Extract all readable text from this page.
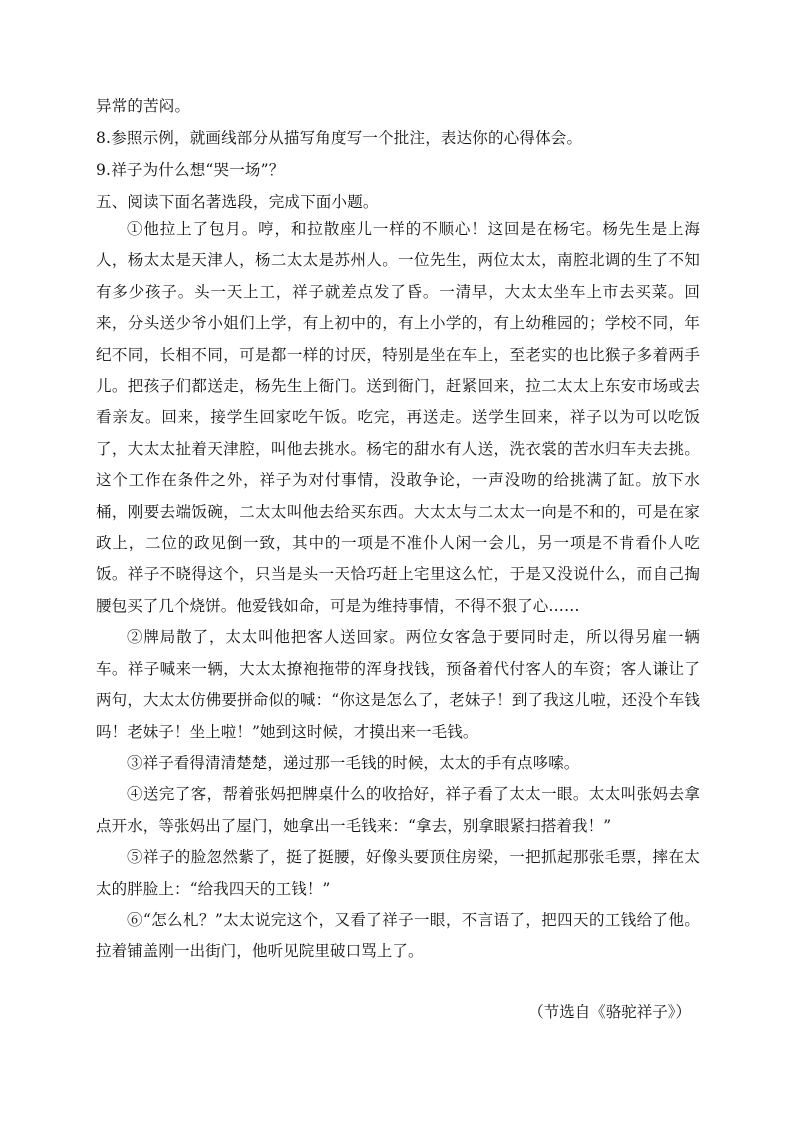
异常的苦闷。
8.参照示例，就画线部分从描写角度写一个批注，表达你的心得体会。
9.祥子为什么想“哭一场”？
五、阅读下面名著选段，完成下面小题。
①他拉上了包月。哼，和拉散座儿一样的不顺心！这回是在杨宅。杨先生是上海人，杨太太是天津人，杨二太太是苏州人。一位先生，两位太太，南腔北调的生了不知有多少孩子。头一天上工，祥子就差点发了昏。一清早，大太太坐车上市去买菜。回来，分头送少爷小姐们上学，有上初中的，有上小学的，有上幼稚园的；学校不同，年纪不同，长相不同，可是都一样的讨厌，特别是坐在车上，至老实的也比猴子多着两手儿。把孩子们都送走，杨先生上衙门。送到衙门，赶紧回来，拉二太太上东安市场或去看亲友。回来，接学生回家吃午饭。吃完，再送走。送学生回来，祥子以为可以吃饭了，大太太扯着天津腔，叫他去挑水。杨宅的甜水有人送，洗衣裳的苦水归车夫去挑。这个工作在条件之外，祥子为对付事情，没敢争论，一声没吻的给挑满了缸。放下水桶，刚要去端饭碗，二太太叫他去给买东西。大太太与二太太一向是不和的，可是在家政上，二位的政见倒一致，其中的一项是不准仆人闲一会儿，另一项是不肯看仆人吃饭。祥子不晓得这个，只当是头一天恰巧赶上宅里这么忙，于是又没说什么，而自己掏腰包买了几个烧饼。他爱钱如命，可是为维持事情，不得不狠了心……
②牌局散了，太太叫他把客人送回家。两位女客急于要同时走，所以得另雇一辆车。祥子喊来一辆，大太太撩袍拖带的浑身找钱，预备着代付客人的车资；客人谦让了两句，大太太仿佛要拼命似的喊：“你这是怎么了，老妹子！到了我这儿啦，还没个车钱吗！老妹子！坐上啦！”她到这时候，才摸出来一毛钱。
③祥子看得清清楚楚，递过那一毛钱的时候，太太的手有点哆嗦。
④送完了客，帮着张妈把牌桌什么的收拾好，祥子看了太太一眼。太太叫张妈去拿点开水，等张妈出了屋门，她拿出一毛钱来：“拿去，别拿眼紧扫搭着我！”
⑤祥子的脸忽然紫了，挺了挺腰，好像头要顶住房梁，一把抓起那张毛票，摔在太太的胖脸上：“给我四天的工钱！”
⑥“怎么札？”太太说完这个，又看了祥子一眼，不言语了，把四天的工钱给了他。拉着铺盖刚一出街门，他听见院里破口骂上了。
（节选自《骆驼祥子》）
